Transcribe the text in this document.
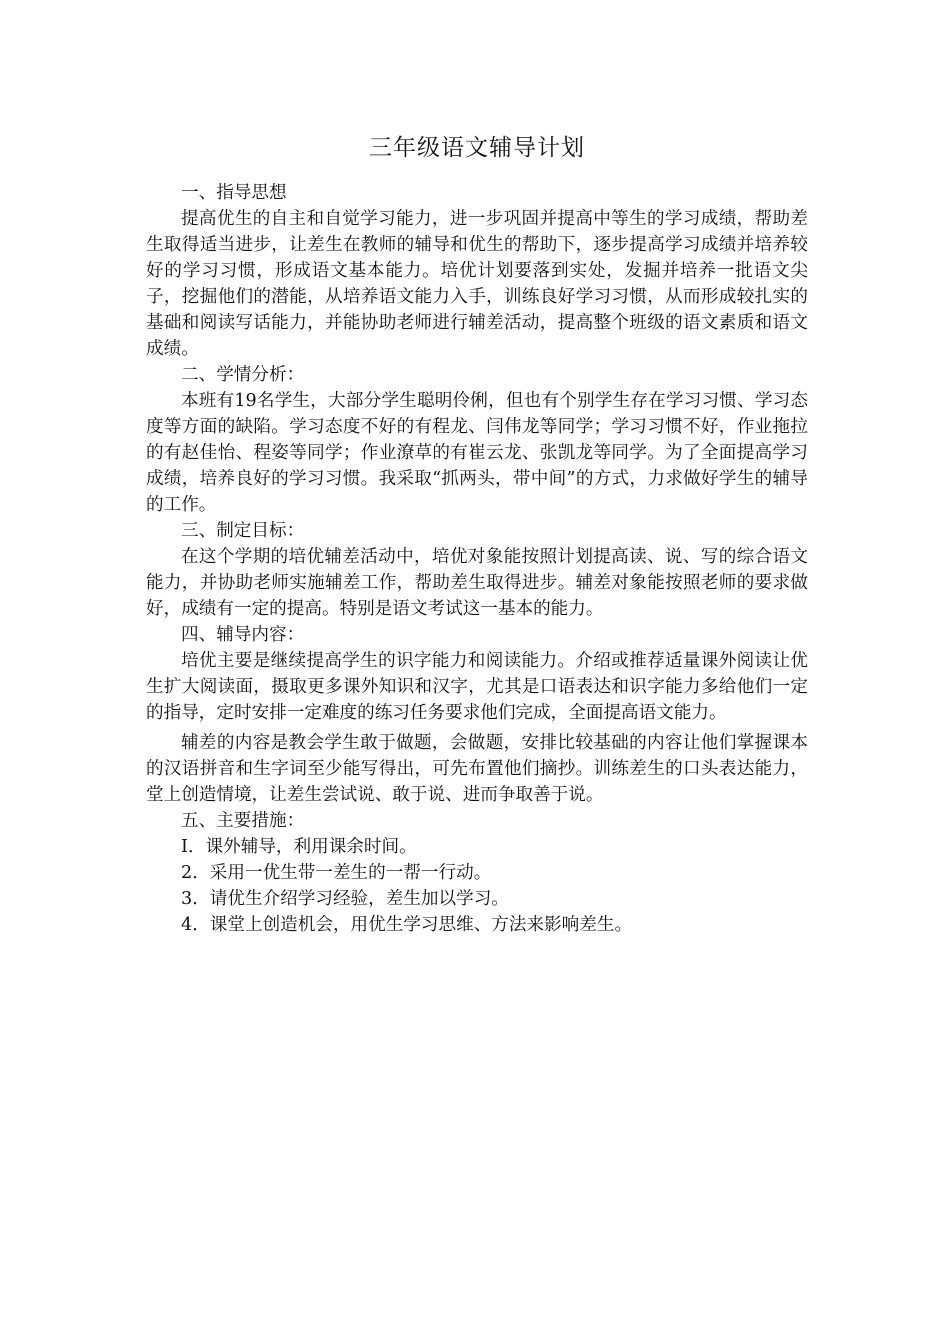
三年级语文辅导计划

一、指导思想

提高优生的自主和自觉学习能力，进一步巩固并提高中等生的学习成绩，帮助差生取得适当进步，让差生在教师的辅导和优生的帮助下，逐步提高学习成绩并培养较好的学习习惯，形成语文基本能力。培优计划要落到实处，发掘并培养一批语文尖子，挖掘他们的潜能，从培养语文能力入手，训练良好学习习惯，从而形成较扎实的基础和阅读写话能力，并能协助老师进行辅差活动，提高整个班级的语文素质和语文成绩。

二、学情分析：

本班有19名学生，大部分学生聪明伶俐，但也有个别学生存在学习习惯、学习态度等方面的缺陷。学习态度不好的有程龙、闫伟龙等同学；学习习惯不好，作业拖拉的有赵佳怡、程姿等同学；作业潦草的有崔云龙、张凯龙等同学。为了全面提高学习成绩，培养良好的学习习惯。我采取“抓两头，带中间”的方式，力求做好学生的辅导的工作。

三、制定目标：

在这个学期的培优辅差活动中，培优对象能按照计划提高读、说、写的综合语文能力，并协助老师实施辅差工作，帮助差生取得进步。辅差对象能按照老师的要求做好，成绩有一定的提高。特别是语文考试这一基本的能力。

四、辅导内容：

培优主要是继续提高学生的识字能力和阅读能力。介绍或推荐适量课外阅读让优生扩大阅读面，摄取更多课外知识和汉字，尤其是口语表达和识字能力多给他们一定的指导，定时安排一定难度的练习任务要求他们完成，全面提高语文能力。

辅差的内容是教会学生敢于做题，会做题，安排比较基础的内容让他们掌握课本的汉语拼音和生字词至少能写得出，可先布置他们摘抄。训练差生的口头表达能力，堂上创造情境，让差生尝试说、敢于说、进而争取善于说。

五、主要措施：

I．课外辅导，利用课余时间。
2．采用一优生带一差生的一帮一行动。
3．请优生介绍学习经验，差生加以学习。
4．课堂上创造机会，用优生学习思维、方法来影响差生。
